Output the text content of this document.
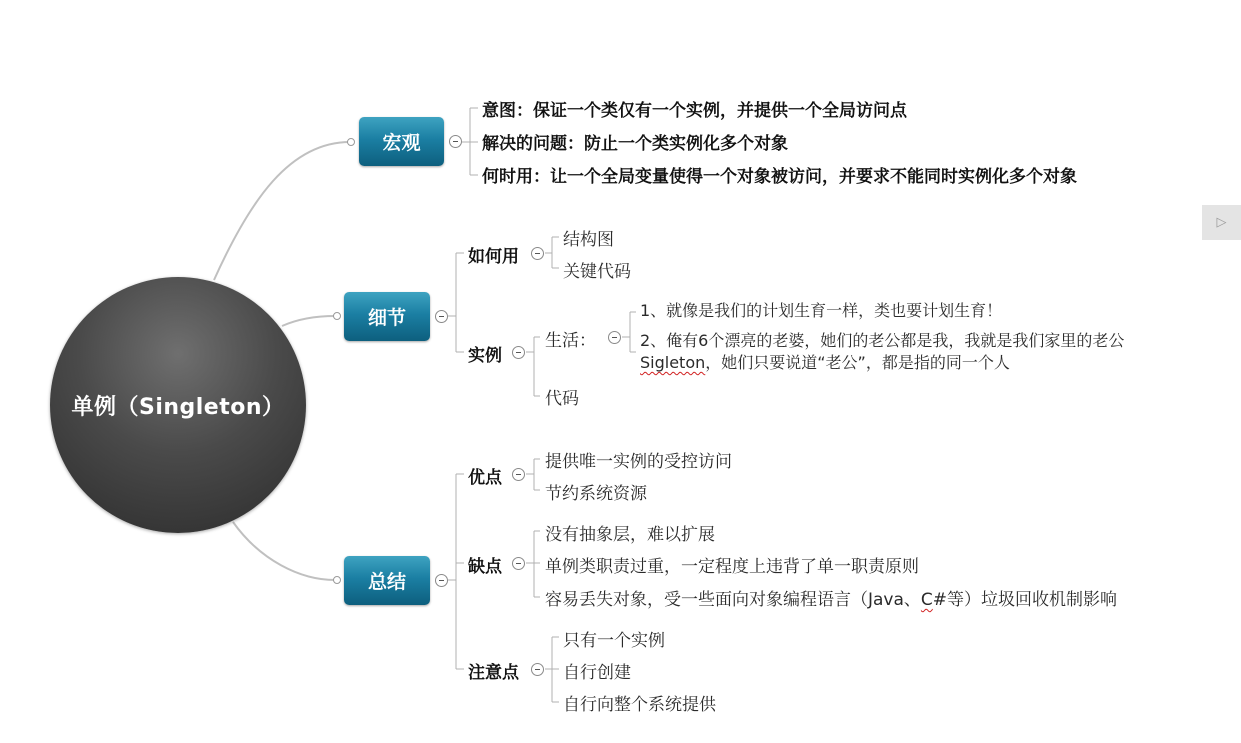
单例（Singleton）
宏观
意图：保证一个类仅有一个实例，并提供一个全局访问点
解决的问题：防止一个类实例化多个对象
何时用：让一个全局变量使得一个对象被访问，并要求不能同时实例化多个对象
细节
如何用
结构图
关键代码
实例
生活：
1、就像是我们的计划生育一样，类也要计划生育！
2、俺有6个漂亮的老婆，她们的老公都是我，我就是我们家里的老公
Sigleton，她们只要说道“老公”，都是指的同一个人
代码
总结
优点
提供唯一实例的受控访问
节约系统资源
缺点
没有抽象层，难以扩展
单例类职责过重，一定程度上违背了单一职责原则
容易丢失对象，受一些面向对象编程语言（Java、C#等）垃圾回收机制影响
注意点
只有一个实例
自行创建
自行向整个系统提供
▷
